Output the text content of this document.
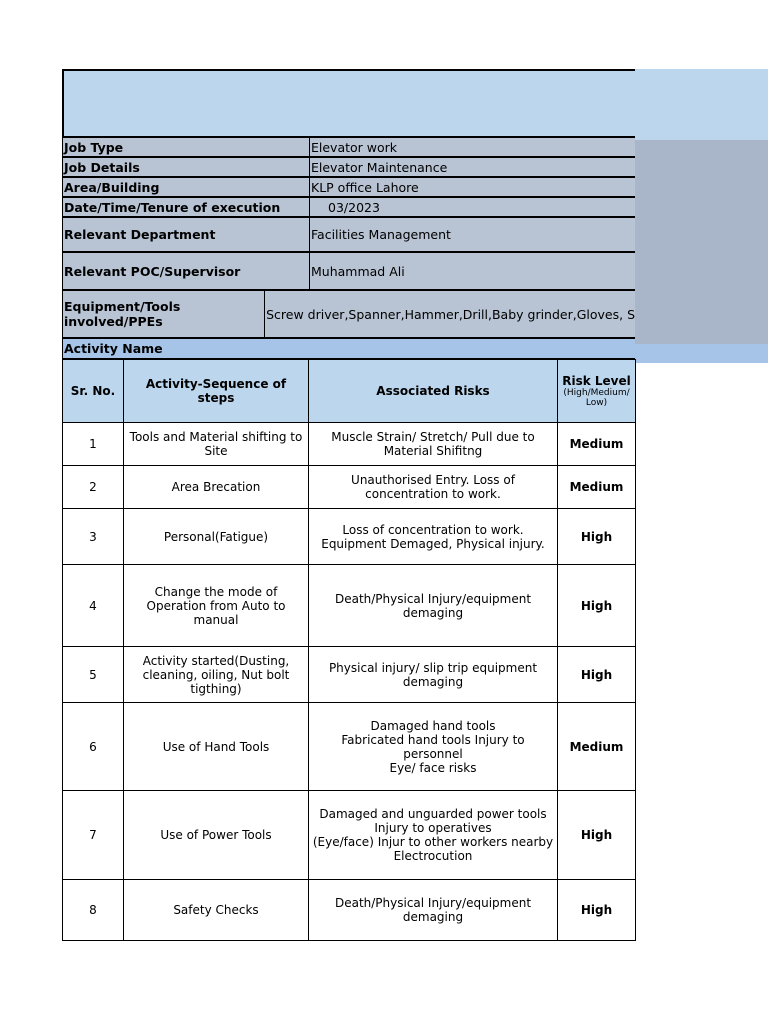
Job Type	Elevator work
Job Details	Elevator Maintenance
Area/Building	KLP office Lahore
Date/Time/Tenure of execution	03/2023
Relevant Department	Facilities Management
Relevant POC/Supervisor	Muhammad Ali
Equipment/Tools involved/PPEs	Screw driver,Spanner,Hammer,Drill,Baby grinder,Gloves, S
Activity Name
Sr. No.	Activity-Sequence of steps	Associated Risks	Risk Level
(High/Medium/ Low)

1	Tools and Material shifting to Site	Muscle Strain/ Stretch/ Pull due to Material Shifitng	Medium
2	Area Brecation	Unauthorised Entry. Loss of concentration to work.	Medium
3	Personal(Fatigue)	Loss of concentration to work. Equipment Demaged, Physical injury.	High
4	Change the mode of Operation from Auto to manual	Death/Physical Injury/equipment demaging	High
5	Activity started(Dusting, cleaning, oiling, Nut bolt tigthing)	Physical injury/ slip trip equipment demaging	High
6	Use of Hand Tools	Damaged hand tools
Fabricated hand tools Injury to personnel
Eye/ face risks	Medium
7	Use of Power Tools	Damaged and unguarded power tools
Injury to operatives
(Eye/face) Injur to other workers nearby
Electrocution	High
8	Safety Checks	Death/Physical Injury/equipment demaging	High
